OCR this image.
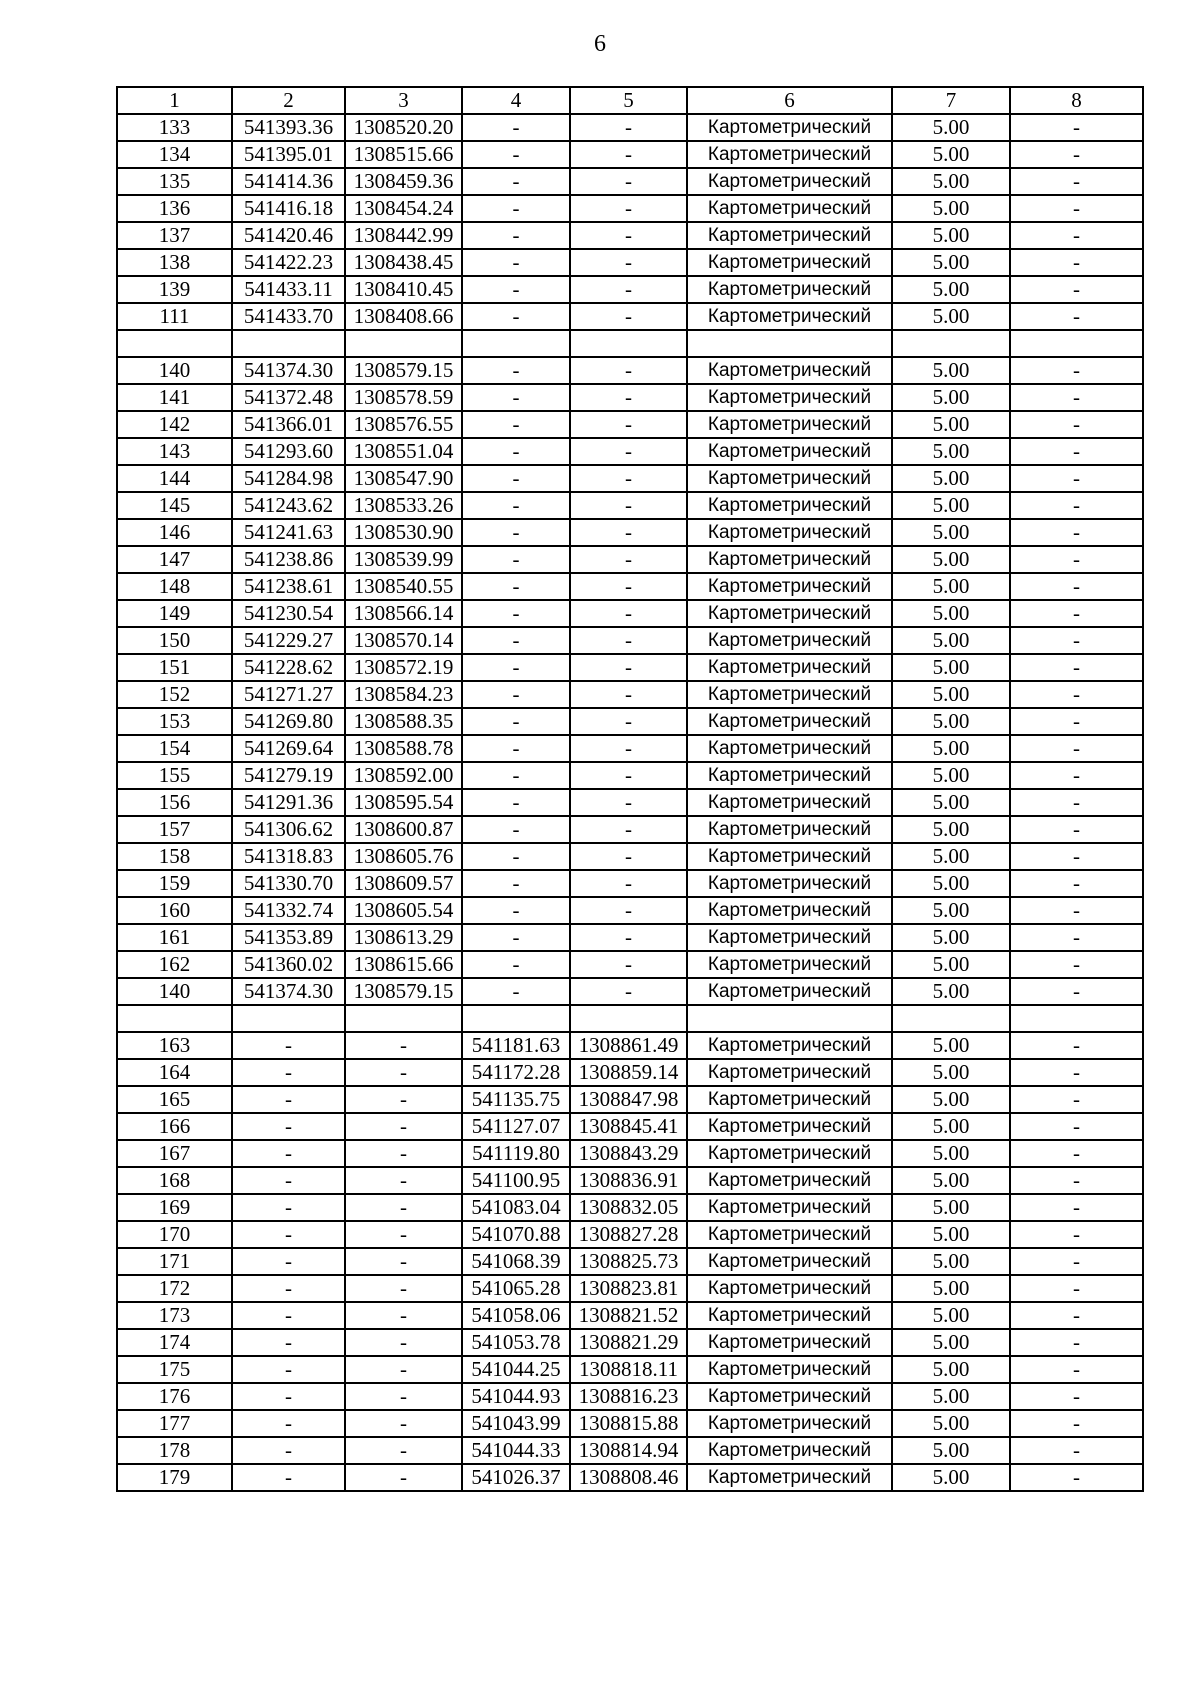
6
1	2	3	4	5	6	7	8
133	541393.36	1308520.20	-	-	Картометрический	5.00	-
134	541395.01	1308515.66	-	-	Картометрический	5.00	-
135	541414.36	1308459.36	-	-	Картометрический	5.00	-
136	541416.18	1308454.24	-	-	Картометрический	5.00	-
137	541420.46	1308442.99	-	-	Картометрический	5.00	-
138	541422.23	1308438.45	-	-	Картометрический	5.00	-
139	541433.11	1308410.45	-	-	Картометрический	5.00	-
111	541433.70	1308408.66	-	-	Картометрический	5.00	-

140	541374.30	1308579.15	-	-	Картометрический	5.00	-
141	541372.48	1308578.59	-	-	Картометрический	5.00	-
142	541366.01	1308576.55	-	-	Картометрический	5.00	-
143	541293.60	1308551.04	-	-	Картометрический	5.00	-
144	541284.98	1308547.90	-	-	Картометрический	5.00	-
145	541243.62	1308533.26	-	-	Картометрический	5.00	-
146	541241.63	1308530.90	-	-	Картометрический	5.00	-
147	541238.86	1308539.99	-	-	Картометрический	5.00	-
148	541238.61	1308540.55	-	-	Картометрический	5.00	-
149	541230.54	1308566.14	-	-	Картометрический	5.00	-
150	541229.27	1308570.14	-	-	Картометрический	5.00	-
151	541228.62	1308572.19	-	-	Картометрический	5.00	-
152	541271.27	1308584.23	-	-	Картометрический	5.00	-
153	541269.80	1308588.35	-	-	Картометрический	5.00	-
154	541269.64	1308588.78	-	-	Картометрический	5.00	-
155	541279.19	1308592.00	-	-	Картометрический	5.00	-
156	541291.36	1308595.54	-	-	Картометрический	5.00	-
157	541306.62	1308600.87	-	-	Картометрический	5.00	-
158	541318.83	1308605.76	-	-	Картометрический	5.00	-
159	541330.70	1308609.57	-	-	Картометрический	5.00	-
160	541332.74	1308605.54	-	-	Картометрический	5.00	-
161	541353.89	1308613.29	-	-	Картометрический	5.00	-
162	541360.02	1308615.66	-	-	Картометрический	5.00	-
140	541374.30	1308579.15	-	-	Картометрический	5.00	-

163	-	-	541181.63	1308861.49	Картометрический	5.00	-
164	-	-	541172.28	1308859.14	Картометрический	5.00	-
165	-	-	541135.75	1308847.98	Картометрический	5.00	-
166	-	-	541127.07	1308845.41	Картометрический	5.00	-
167	-	-	541119.80	1308843.29	Картометрический	5.00	-
168	-	-	541100.95	1308836.91	Картометрический	5.00	-
169	-	-	541083.04	1308832.05	Картометрический	5.00	-
170	-	-	541070.88	1308827.28	Картометрический	5.00	-
171	-	-	541068.39	1308825.73	Картометрический	5.00	-
172	-	-	541065.28	1308823.81	Картометрический	5.00	-
173	-	-	541058.06	1308821.52	Картометрический	5.00	-
174	-	-	541053.78	1308821.29	Картометрический	5.00	-
175	-	-	541044.25	1308818.11	Картометрический	5.00	-
176	-	-	541044.93	1308816.23	Картометрический	5.00	-
177	-	-	541043.99	1308815.88	Картометрический	5.00	-
178	-	-	541044.33	1308814.94	Картометрический	5.00	-
179	-	-	541026.37	1308808.46	Картометрический	5.00	-
